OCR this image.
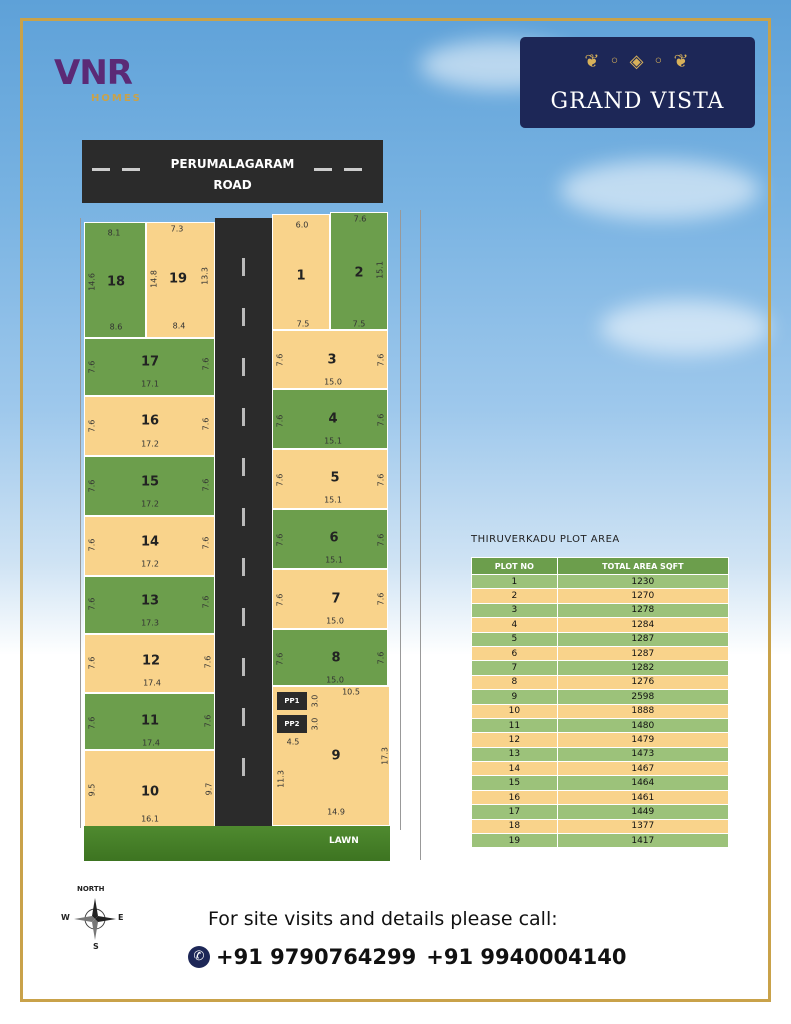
VNR
HOMES
❦ ◦ ◈ ◦ ❦
GRAND VISTA
PERUMALAGARAM
ROAD
18
8.1
14.6
8.6
19
7.3
14.8	13.3
8.4
17
7.6
17.1
7.6
16
7.6
17.2
7.6
15
7.6
17.2
7.6
14
7.6
17.2
7.6
13
7.6
17.3
7.6
12
7.6
17.4
7.6
11
7.6
17.4
7.6
10
9.5
16.1
9.7
1
6.0
7.5
2
7.6
7.5
15.1
3
7.6
15.0
7.6
4
7.6
15.1
7.6
5
7.6
15.1
7.6
6
7.6
15.1
7.6
7
7.6
15.0
7.6
8
7.6
15.0
7.6
9
10.5
11.3
17.3
14.9
PP1
PP2
3.0
3.0
4.5
LAWN
THIRUVERKADU PLOT AREA
PLOT NO	TOTAL AREA SQFT
1	1230
2	1270
3	1278
4	1284
5	1287
6	1287
7	1282
8	1276
9	2598
10	1888
11	1480
12	1479
13	1473
14	1467
15	1464
16	1461
17	1449
18	1377
19	1417
NORTH
W	E
S
For site visits and details please call:
✆ +91 9790764299 +91 9940004140
